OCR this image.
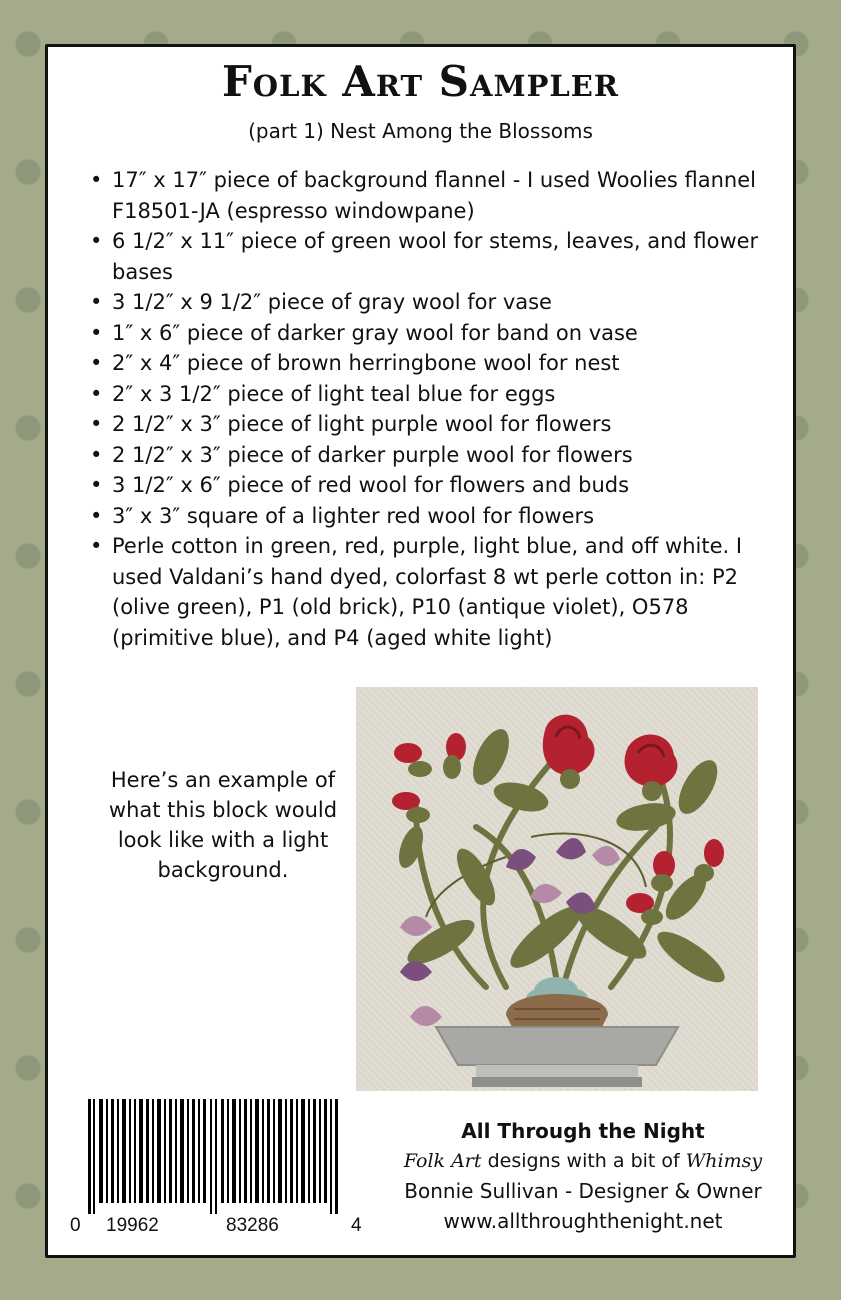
Folk Art Sampler

(part 1) Nest Among the Blossoms

• 17″ x 17″ piece of background flannel - I used Woolies flannel F18501-JA (espresso windowpane)
• 6 1/2″ x 11″ piece of green wool for stems, leaves, and flower bases
• 3 1/2″ x 9 1/2″ piece of gray wool for vase
• 1″ x 6″ piece of darker gray wool for band on vase
• 2″ x 4″ piece of brown herringbone wool for nest
• 2″ x 3 1/2″ piece of light teal blue for eggs
• 2 1/2″ x 3″ piece of light purple wool for flowers
• 2 1/2″ x 3″ piece of darker purple wool for flowers
• 3 1/2″ x 6″ piece of red wool for flowers and buds
• 3″ x 3″ square of a lighter red wool for flowers
• Perle cotton in green, red, purple, light blue, and off white. I used Valdani’s hand dyed, colorfast 8 wt perle cotton in: P2 (olive green), P1 (old brick), P10 (antique violet), O578 (primitive blue), and P4 (aged white light)
Here’s an example of what this block would look like with a light background.
0 19962	83286	4
All Through the Night
Folk Art designs with a bit of Whimsy
Bonnie Sullivan - Designer & Owner
www.allthroughthenight.net
